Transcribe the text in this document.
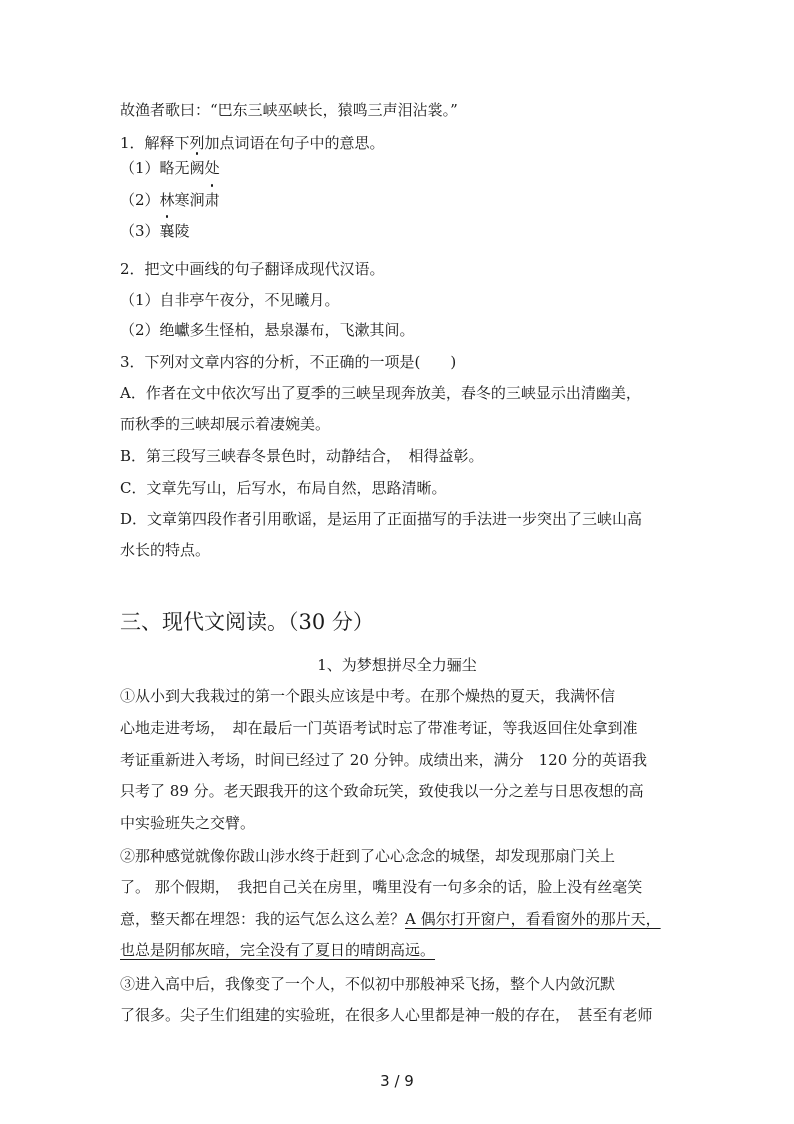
故渔者歌曰：“巴东三峡巫峡长，猿鸣三声泪沾裳。”
1．解释下列加点词语在句子中的意思。
（1）略无阙处
（2）林寒涧肃
（3）襄陵
2．把文中画线的句子翻译成现代汉语。
（1）自非亭午夜分，不见曦月。
（2）绝巘多生怪柏，悬泉瀑布，飞漱其间。
3．下列对文章内容的分析，不正确的一项是(　　)
A．作者在文中依次写出了夏季的三峡呈现奔放美，春冬的三峡显示出清幽美，
而秋季的三峡却展示着凄婉美。
B．第三段写三峡春冬景色时，动静结合，　相得益彰。
C．文章先写山，后写水，布局自然，思路清晰。
D．文章第四段作者引用歌谣，是运用了正面描写的手法进一步突出了三峡山高
水长的特点。
三、现代文阅读。（30 分）
1、为梦想拼尽全力骊尘
①从小到大我栽过的第一个跟头应该是中考。在那个燥热的夏天，我满怀信
心地走进考场，　却在最后一门英语考试时忘了带准考证，等我返回住处拿到准
考证重新进入考场，时间已经过了 20 分钟。成绩出来，满分　120 分的英语我
只考了 89 分。老天跟我开的这个致命玩笑，致使我以一分之差与日思夜想的高
中实验班失之交臂。
②那种感觉就像你跋山涉水终于赶到了心心念念的城堡，却发现那扇门关上
了。 那个假期，　我把自己关在房里，嘴里没有一句多余的话，脸上没有丝毫笑
意，整天都在埋怨：我的运气怎么这么差？A 偶尔打开窗户，看看窗外的那片天，
也总是阴郁灰暗，完全没有了夏日的晴朗高远。
③进入高中后，我像变了一个人，不似初中那般神采飞扬，整个人内敛沉默
了很多。尖子生们组建的实验班，在很多人心里都是神一般的存在，　甚至有老师
3 / 9
